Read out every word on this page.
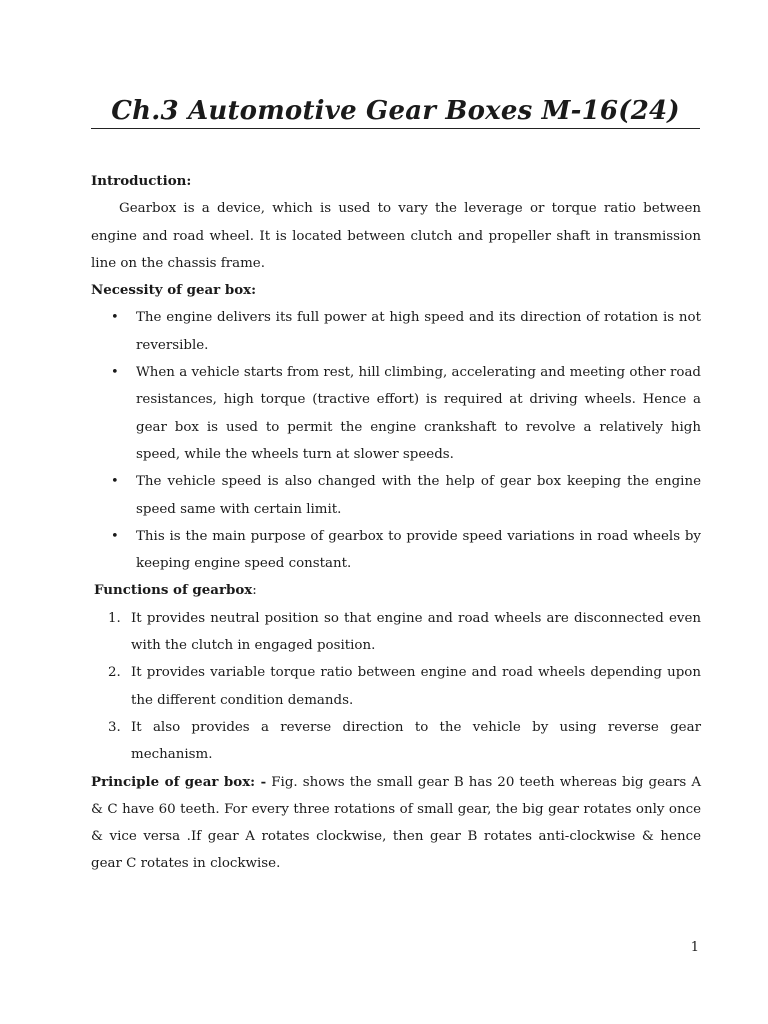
Ch.3 Automotive Gear Boxes M-16(24)

Introduction:

Gearbox is a device, which is used to vary the leverage or torque ratio between engine and road wheel. It is located between clutch and propeller shaft in transmission line on the chassis frame.

Necessity of gear box:

• The engine delivers its full power at high speed and its direction of rotation is not reversible.
• When a vehicle starts from rest, hill climbing, accelerating and meeting other road resistances, high torque (tractive effort) is required at driving wheels. Hence a gear box is used to permit the engine crankshaft to revolve a relatively high speed, while the wheels turn at slower speeds.
• The vehicle speed is also changed with the help of gear box keeping the engine speed same with certain limit.
• This is the main purpose of gearbox to provide speed variations in road wheels by keeping engine speed constant.

Functions of gearbox:

1. It provides neutral position so that engine and road wheels are disconnected even with the clutch in engaged position.
2. It provides variable torque ratio between engine and road wheels depending upon the different condition demands.
3. It also provides a reverse direction to the vehicle by using reverse gear mechanism.

Principle of gear box: - Fig. shows the small gear B has 20 teeth whereas big gears A & C have 60 teeth. For every three rotations of small gear, the big gear rotates only once & vice versa .If gear A rotates clockwise, then gear B rotates anti-clockwise & hence gear C rotates in clockwise.

1
